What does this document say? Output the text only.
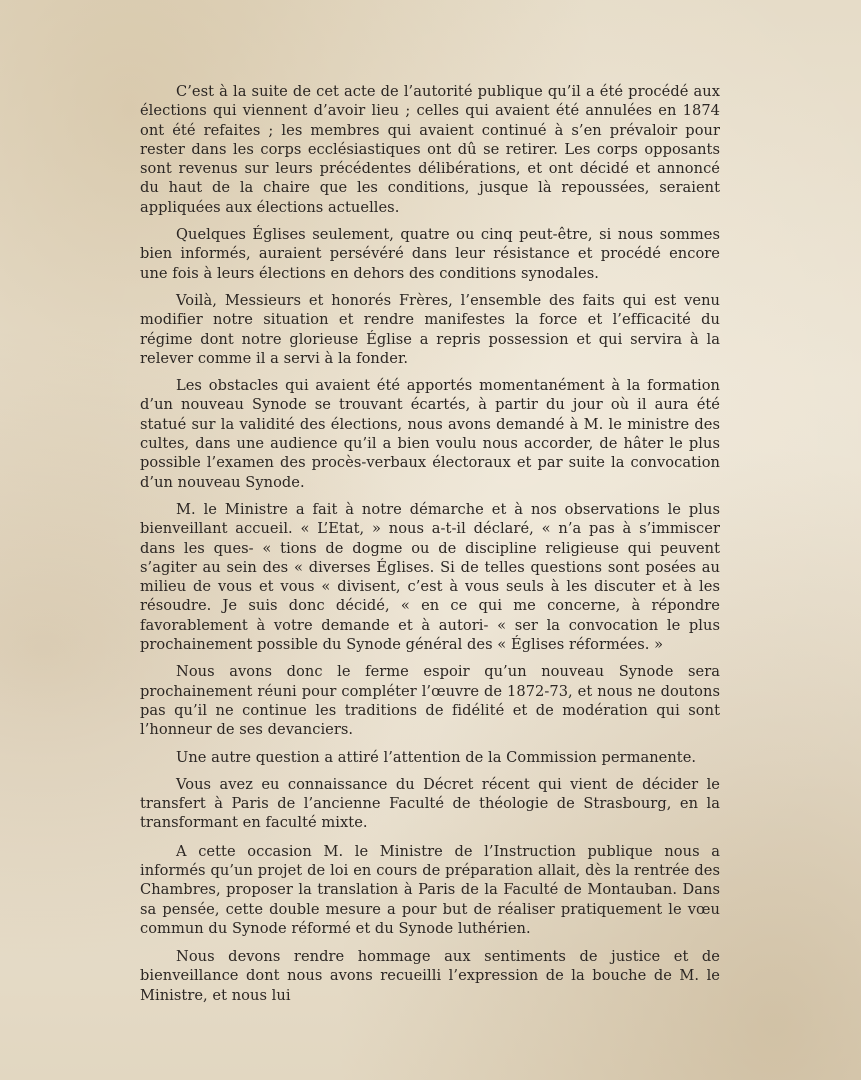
C’est à la suite de cet acte de l’autorité publique qu’il a été procédé aux élections qui viennent d’avoir lieu ; celles qui avaient été annulées en 1874 ont été refaites ; les membres qui avaient continué à s’en prévaloir pour rester dans les corps ecclésiastiques ont dû se retirer. Les corps opposants sont revenus sur leurs précédentes délibérations, et ont décidé et annoncé du haut de la chaire que les conditions, jusque là repoussées, seraient appliquées aux élections actuelles.

Quelques Églises seulement, quatre ou cinq peut-être, si nous sommes bien informés, auraient persévéré dans leur résistance et procédé encore une fois à leurs élections en dehors des conditions synodales.

Voilà, Messieurs et honorés Frères, l’ensemble des faits qui est venu modifier notre situation et rendre manifestes la force et l’efficacité du régime dont notre glorieuse Église a repris possession et qui servira à la relever comme il a servi à la fonder.

Les obstacles qui avaient été apportés momentanément à la formation d’un nouveau Synode se trouvant écartés, à partir du jour où il aura été statué sur la validité des élections, nous avons demandé à M. le ministre des cultes, dans une audience qu’il a bien voulu nous accorder, de hâter le plus possible l’examen des procès-verbaux électoraux et par suite la convocation d’un nouveau Synode.

M. le Ministre a fait à notre démarche et à nos observations le plus bienveillant accueil. « L’Etat, » nous a-t-il déclaré, « n’a pas à s’immiscer dans les ques- « tions de dogme ou de discipline religieuse qui peuvent s’agiter au sein des « diverses Églises. Si de telles questions sont posées au milieu de vous et vous « divisent, c’est à vous seuls à les discuter et à les résoudre. Je suis donc décidé, « en ce qui me concerne, à répondre favorablement à votre demande et à autori- « ser la convocation le plus prochainement possible du Synode général des « Églises réformées. »

Nous avons donc le ferme espoir qu’un nouveau Synode sera prochainement réuni pour compléter l’œuvre de 1872-73, et nous ne doutons pas qu’il ne continue les traditions de fidélité et de modération qui sont l’honneur de ses devanciers.

Une autre question a attiré l’attention de la Commission permanente.

Vous avez eu connaissance du Décret récent qui vient de décider le transfert à Paris de l’ancienne Faculté de théologie de Strasbourg, en la transformant en faculté mixte.

A cette occasion M. le Ministre de l’Instruction publique nous a informés qu’un projet de loi en cours de préparation allait, dès la rentrée des Chambres, proposer la translation à Paris de la Faculté de Montauban. Dans sa pensée, cette double mesure a pour but de réaliser pratiquement le vœu commun du Synode réformé et du Synode luthérien.

Nous devons rendre hommage aux sentiments de justice et de bienveillance dont nous avons recueilli l’expression de la bouche de M. le Ministre, et nous lui
